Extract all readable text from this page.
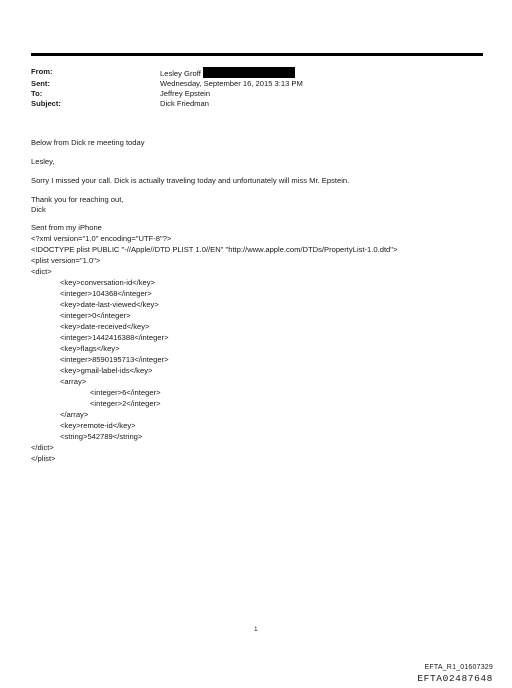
From:	Lesley Groff
Sent:	Wednesday, September 16, 2015 3:13 PM
To:	Jeffrey Epstein
Subject:	Dick Friedman

Below from Dick re meeting today

Lesley,

Sorry I missed your call. Dick is actually traveling today and unfortunately will miss Mr. Epstein.

Thank you for reaching out,
Dick

Sent from my iPhone
<?xml version="1.0" encoding="UTF-8"?>
<!DOCTYPE plist PUBLIC "-//Apple//DTD PLIST 1.0//EN" "http://www.apple.com/DTDs/PropertyList-1.0.dtd">
<plist version="1.0">
<dict>
<key>conversation-id</key>
<integer>104368</integer>
<key>date-last-viewed</key>
<integer>0</integer>
<key>date-received</key>
<integer>1442416388</integer>
<key>flags</key>
<integer>8590195713</integer>
<key>gmail-label-ids</key>
<array>
<integer>6</integer>
<integer>2</integer>
</array>
<key>remote-id</key>
<string>542789</string>
</dict>
</plist>
1
EFTA_R1_01607329
EFTA02487648
